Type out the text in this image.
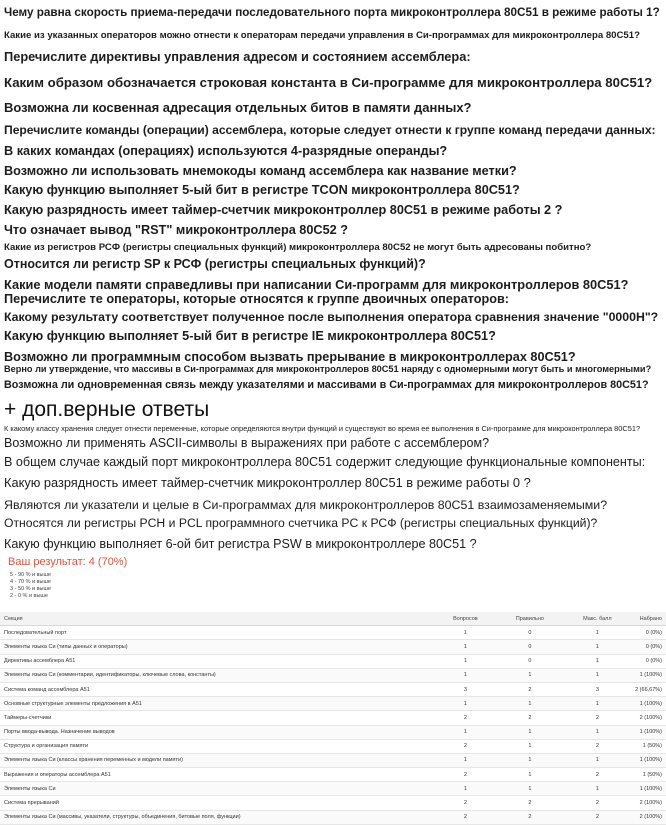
Чему равна скорость приема-передачи последовательного порта микроконтроллера 80C51 в режиме работы 1?
Какие из указанных операторов можно отнести к операторам передачи управления в Си-программах для микроконтроллера 80C51?
Перечислите директивы управления адресом и состоянием ассемблера:
Каким образом обозначается строковая константа в Си-программе для микроконтроллера 80C51?
Возможна ли косвенная адресация отдельных битов в памяти данных?
Перечислите команды (операции) ассемблера, которые следует отнести к группе команд передачи данных:
В каких командах (операциях) используются 4-разрядные операнды?
Возможно ли использовать мнемокоды команд ассемблера как название метки?
Какую функцию выполняет 5-ый бит в регистре TCON микроконтроллера 80C51?
Какую разрядность имеет таймер-счетчик микроконтроллер 80C51 в режиме работы 2 ?
Что означает вывод "RST" микроконтроллера 80C52 ?
Какие из регистров РСФ (регистры специальных функций) микроконтроллера 80C52 не могут быть адресованы побитно?
Относится ли регистр SP к РСФ (регистры специальных функций)?
Какие модели памяти справедливы при написании Си-программ для микроконтроллеров 80C51?
Перечислите те операторы, которые относятся к группе двоичных операторов:
Какому результату соответствует полученное после выполнения оператора сравнения значение "0000H"?
Какую функцию выполняет 5-ый бит в регистре IE микроконтроллера 80C51?
Возможно ли программным способом вызвать прерывание в микроконтроллерах 80C51?
Верно ли утверждение, что массивы в Си-программах для микроконтроллеров 80C51 наряду с одномерными могут быть и многомерными?
Возможна ли одновременная связь между указателями и массивами в Си-программах для микроконтроллеров 80C51?
+ доп.верные ответы
К какому классу хранения следует отнести переменные, которые определяются внутри функций и существуют во время ее выполнения в Си-программе для микроконтроллера 80C51?
Возможно ли применять ASCII-символы в выражениях при работе с ассемблером?
В общем случае каждый порт микроконтроллера 80C51 содержит следующие функциональные компоненты:
Какую разрядность имеет таймер-счетчик микроконтроллер 80C51 в режиме работы 0 ?
Являются ли указатели и целые в Си-программах для микроконтроллеров 80C51 взаимозаменяемыми?
Относятся ли регистры PCH и PCL программного счетчика PC к РСФ (регистры специальных функций)?
Какую функцию выполняет 6-ой бит регистра PSW в микроконтроллере 80C51 ?
Ваш результат: 4 (70%)
5 - 90 % и выше
4 - 70 % и выше
3 - 50 % и выше
2 - 0 % и выше
Секция	Вопросов	Правильно	Макс. балл	Набрано
Последовательный порт	1	0	1	0 (0%)
Элементы языка Си (типы данных и операторы)	1	0	1	0 (0%)
Директивы ассемблера A51	1	0	1	0 (0%)
Элементы языка Си (комментарии, идентификаторы, ключевые слова, константы)	1	1	1	1 (100%)
Система команд ассемблера A51	3	2	3	2 (66,67%)
Основные структурные элементы предложения в A51	1	1	1	1 (100%)
Таймеры-счетчики	2	2	2	2 (100%)
Порты ввода-вывода. Назначение выводов	1	1	1	1 (100%)
Структура и организация памяти	2	1	2	1 (50%)
Элементы языка Си (классы хранения переменных и модели памяти)	1	1	1	1 (100%)
Выражения и операторы ассемблера A51	2	1	2	1 (50%)
Элементы языка Си	1	1	1	1 (100%)
Система прерываний	2	2	2	2 (100%)
Элементы языка Си (массивы, указатели, структуры, объединения, битовые поля, функции)	2	2	2	2 (100%)
